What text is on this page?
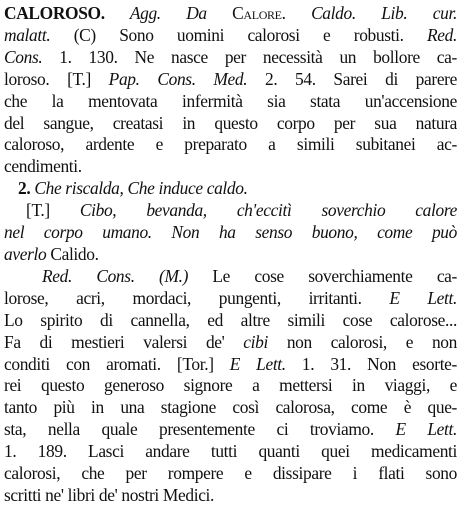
CALOROSO. Agg. Da Calore. Caldo. Lib. cur.
malatt. (C) Sono uomini calorosi e robusti. Red.
Cons. 1. 130. Ne nasce per necessità un bollore ca-
loroso. [T.] Pap. Cons. Med. 2. 54. Sarei di parere
che la mentovata infermità sia stata un'accensione
del sangue, creatasi in questo corpo per sua natura
caloroso, ardente e preparato a simili subitanei ac-
cendimenti.
2. Che riscalda, Che induce caldo.
[T.] Cibo, bevanda, ch'eccitì soverchio calore
nel corpo umano. Non ha senso buono, come può
averlo Calido.
Red. Cons. (M.) Le cose soverchiamente ca-
lorose, acri, mordaci, pungenti, irritanti. E Lett.
Lo spirito di cannella, ed altre simili cose calorose...
Fa di mestieri valersi de' cibi non calorosi, e non
conditi con aromati. [Tor.] E Lett. 1. 31. Non esorte-
rei questo generoso signore a mettersi in viaggi, e
tanto più in una stagione così calorosa, come è que-
sta, nella quale presentemente ci troviamo. E Lett.
1. 189. Lasci andare tutti quanti quei medicamenti
calorosi, che per rompere e dissipare i flati sono
scritti ne' libri de' nostri Medici.
